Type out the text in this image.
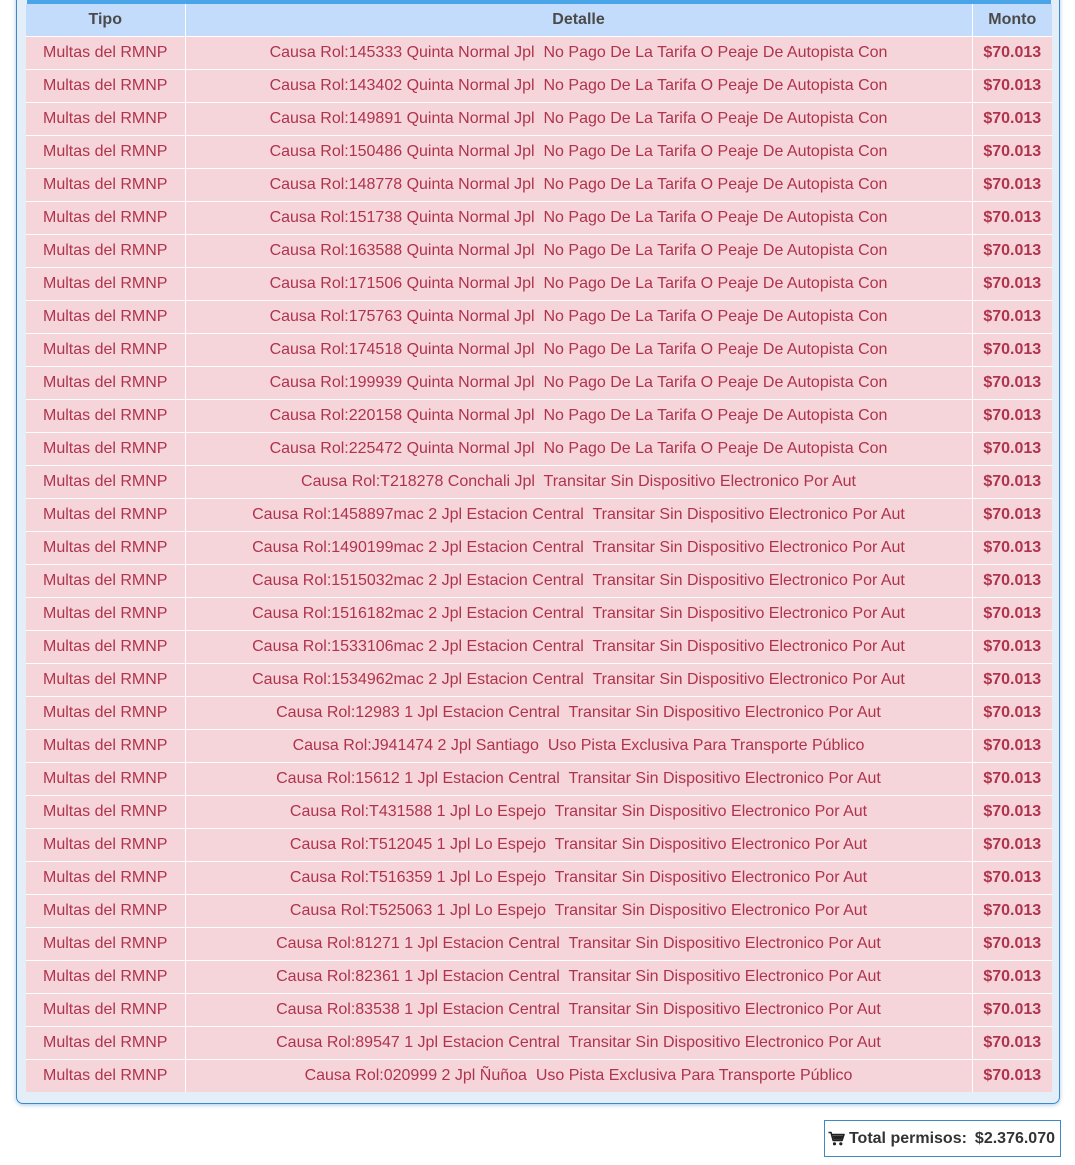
Tipo	Detalle	Monto
Multas del RMNP	Causa Rol:145333 Quinta Normal Jpl  No Pago De La Tarifa O Peaje De Autopista Con	$70.013
Multas del RMNP	Causa Rol:143402 Quinta Normal Jpl  No Pago De La Tarifa O Peaje De Autopista Con	$70.013
Multas del RMNP	Causa Rol:149891 Quinta Normal Jpl  No Pago De La Tarifa O Peaje De Autopista Con	$70.013
Multas del RMNP	Causa Rol:150486 Quinta Normal Jpl  No Pago De La Tarifa O Peaje De Autopista Con	$70.013
Multas del RMNP	Causa Rol:148778 Quinta Normal Jpl  No Pago De La Tarifa O Peaje De Autopista Con	$70.013
Multas del RMNP	Causa Rol:151738 Quinta Normal Jpl  No Pago De La Tarifa O Peaje De Autopista Con	$70.013
Multas del RMNP	Causa Rol:163588 Quinta Normal Jpl  No Pago De La Tarifa O Peaje De Autopista Con	$70.013
Multas del RMNP	Causa Rol:171506 Quinta Normal Jpl  No Pago De La Tarifa O Peaje De Autopista Con	$70.013
Multas del RMNP	Causa Rol:175763 Quinta Normal Jpl  No Pago De La Tarifa O Peaje De Autopista Con	$70.013
Multas del RMNP	Causa Rol:174518 Quinta Normal Jpl  No Pago De La Tarifa O Peaje De Autopista Con	$70.013
Multas del RMNP	Causa Rol:199939 Quinta Normal Jpl  No Pago De La Tarifa O Peaje De Autopista Con	$70.013
Multas del RMNP	Causa Rol:220158 Quinta Normal Jpl  No Pago De La Tarifa O Peaje De Autopista Con	$70.013
Multas del RMNP	Causa Rol:225472 Quinta Normal Jpl  No Pago De La Tarifa O Peaje De Autopista Con	$70.013
Multas del RMNP	Causa Rol:T218278 Conchali Jpl  Transitar Sin Dispositivo Electronico Por Aut	$70.013
Multas del RMNP	Causa Rol:1458897mac 2 Jpl Estacion Central  Transitar Sin Dispositivo Electronico Por Aut	$70.013
Multas del RMNP	Causa Rol:1490199mac 2 Jpl Estacion Central  Transitar Sin Dispositivo Electronico Por Aut	$70.013
Multas del RMNP	Causa Rol:1515032mac 2 Jpl Estacion Central  Transitar Sin Dispositivo Electronico Por Aut	$70.013
Multas del RMNP	Causa Rol:1516182mac 2 Jpl Estacion Central  Transitar Sin Dispositivo Electronico Por Aut	$70.013
Multas del RMNP	Causa Rol:1533106mac 2 Jpl Estacion Central  Transitar Sin Dispositivo Electronico Por Aut	$70.013
Multas del RMNP	Causa Rol:1534962mac 2 Jpl Estacion Central  Transitar Sin Dispositivo Electronico Por Aut	$70.013
Multas del RMNP	Causa Rol:12983 1 Jpl Estacion Central  Transitar Sin Dispositivo Electronico Por Aut	$70.013
Multas del RMNP	Causa Rol:J941474 2 Jpl Santiago  Uso Pista Exclusiva Para Transporte Público	$70.013
Multas del RMNP	Causa Rol:15612 1 Jpl Estacion Central  Transitar Sin Dispositivo Electronico Por Aut	$70.013
Multas del RMNP	Causa Rol:T431588 1 Jpl Lo Espejo  Transitar Sin Dispositivo Electronico Por Aut	$70.013
Multas del RMNP	Causa Rol:T512045 1 Jpl Lo Espejo  Transitar Sin Dispositivo Electronico Por Aut	$70.013
Multas del RMNP	Causa Rol:T516359 1 Jpl Lo Espejo  Transitar Sin Dispositivo Electronico Por Aut	$70.013
Multas del RMNP	Causa Rol:T525063 1 Jpl Lo Espejo  Transitar Sin Dispositivo Electronico Por Aut	$70.013
Multas del RMNP	Causa Rol:81271 1 Jpl Estacion Central  Transitar Sin Dispositivo Electronico Por Aut	$70.013
Multas del RMNP	Causa Rol:82361 1 Jpl Estacion Central  Transitar Sin Dispositivo Electronico Por Aut	$70.013
Multas del RMNP	Causa Rol:83538 1 Jpl Estacion Central  Transitar Sin Dispositivo Electronico Por Aut	$70.013
Multas del RMNP	Causa Rol:89547 1 Jpl Estacion Central  Transitar Sin Dispositivo Electronico Por Aut	$70.013
Multas del RMNP	Causa Rol:020999 2 Jpl Ñuñoa  Uso Pista Exclusiva Para Transporte Público	$70.013
Total permisos: $2.376.070
